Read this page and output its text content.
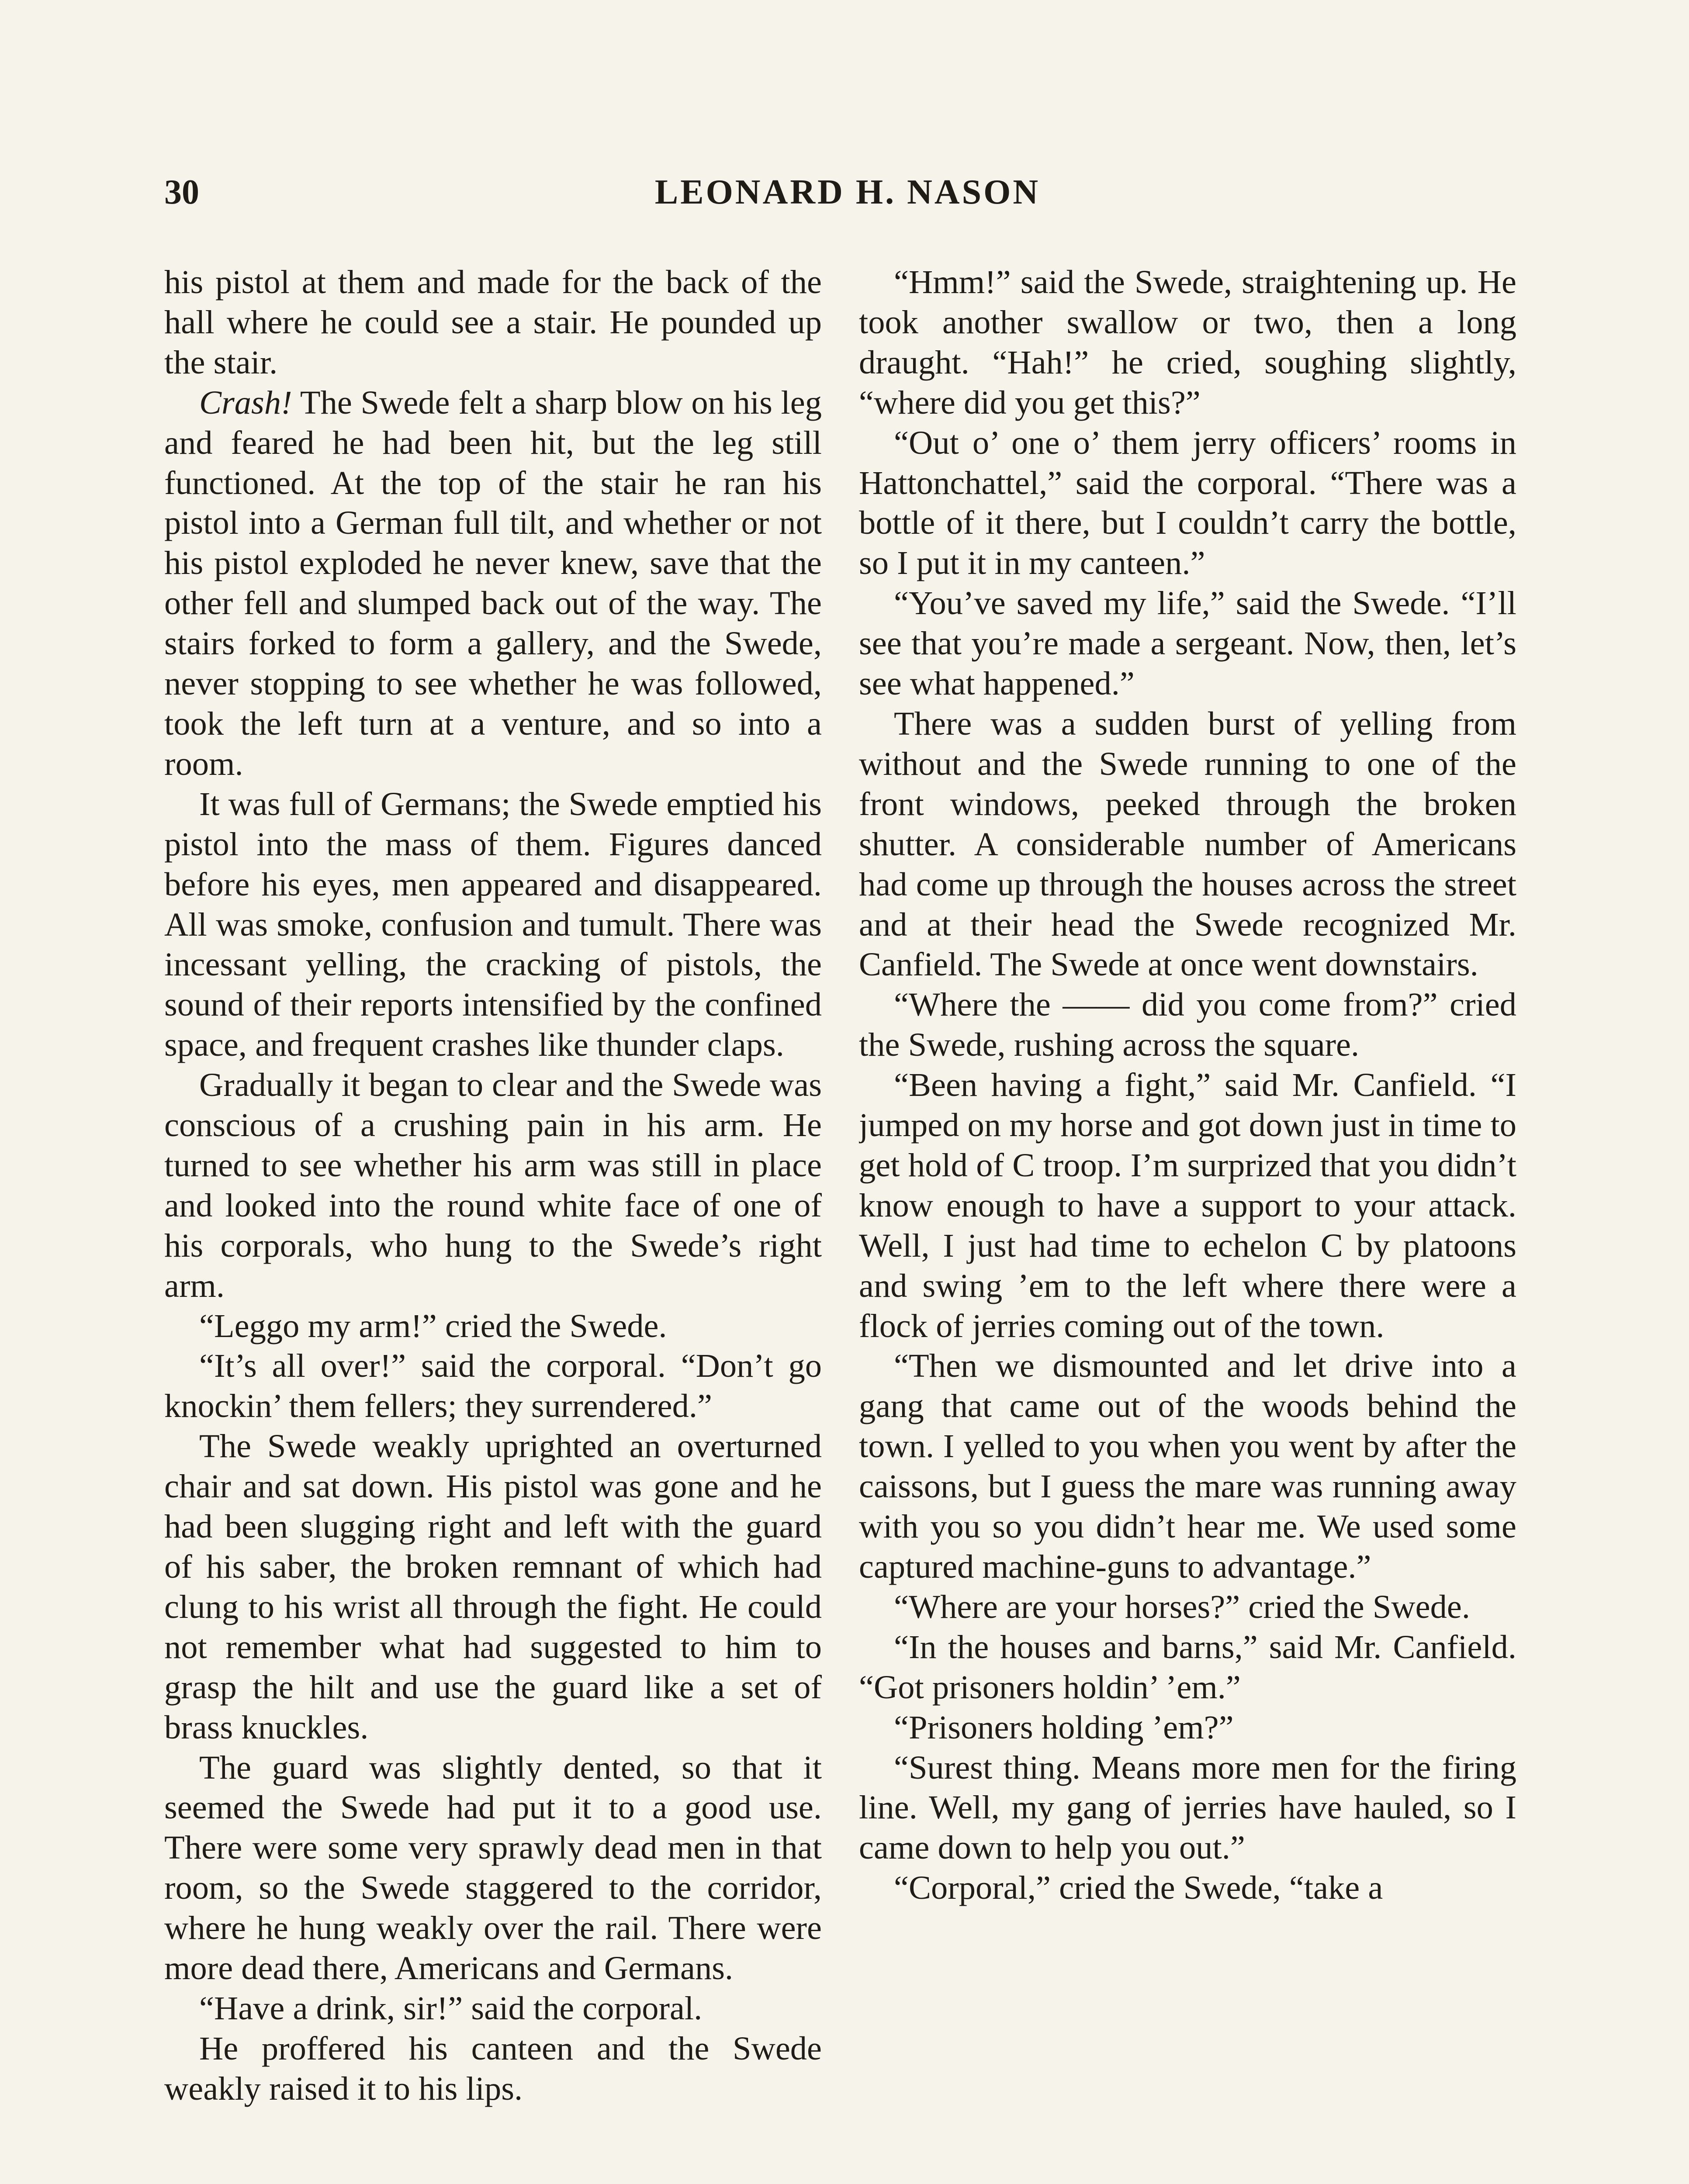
30	LEONARD H. NASON

his pistol at them and made for the back of the hall where he could see a stair. He pounded up the stair.

Crash! The Swede felt a sharp blow on his leg and feared he had been hit, but the leg still functioned. At the top of the stair he ran his pistol into a German full tilt, and whether or not his pistol exploded he never knew, save that the other fell and slumped back out of the way. The stairs forked to form a gallery, and the Swede, never stopping to see whether he was followed, took the left turn at a venture, and so into a room.

It was full of Germans; the Swede emptied his pistol into the mass of them. Figures danced before his eyes, men appeared and disappeared. All was smoke, confusion and tumult. There was incessant yelling, the cracking of pistols, the sound of their reports intensified by the confined space, and frequent crashes like thunder claps.

Gradually it began to clear and the Swede was conscious of a crushing pain in his arm. He turned to see whether his arm was still in place and looked into the round white face of one of his corporals, who hung to the Swede’s right arm.

“Leggo my arm!” cried the Swede.

“It’s all over!” said the corporal. “Don’t go knockin’ them fellers; they surrendered.”

The Swede weakly uprighted an overturned chair and sat down. His pistol was gone and he had been slugging right and left with the guard of his saber, the broken remnant of which had clung to his wrist all through the fight. He could not remember what had suggested to him to grasp the hilt and use the guard like a set of brass knuckles.

The guard was slightly dented, so that it seemed the Swede had put it to a good use. There were some very sprawly dead men in that room, so the Swede staggered to the corridor, where he hung weakly over the rail. There were more dead there, Americans and Germans.

“Have a drink, sir!” said the corporal.

He proffered his canteen and the Swede weakly raised it to his lips.

“Hmm!” said the Swede, straightening up. He took another swallow or two, then a long draught. “Hah!” he cried, soughing slightly, “where did you get this?”

“Out o’ one o’ them jerry officers’ rooms in Hattonchattel,” said the corporal. “There was a bottle of it there, but I couldn’t carry the bottle, so I put it in my canteen.”

“You’ve saved my life,” said the Swede. “I’ll see that you’re made a sergeant. Now, then, let’s see what happened.”

There was a sudden burst of yelling from without and the Swede running to one of the front windows, peeked through the broken shutter. A considerable number of Americans had come up through the houses across the street and at their head the Swede recognized Mr. Canfield. The Swede at once went downstairs.

“Where the —— did you come from?” cried the Swede, rushing across the square.

“Been having a fight,” said Mr. Canfield. “I jumped on my horse and got down just in time to get hold of C troop. I’m surprized that you didn’t know enough to have a support to your attack. Well, I just had time to echelon C by platoons and swing ’em to the left where there were a flock of jerries coming out of the town.

“Then we dismounted and let drive into a gang that came out of the woods behind the town. I yelled to you when you went by after the caissons, but I guess the mare was running away with you so you didn’t hear me. We used some captured machine-guns to advantage.”

“Where are your horses?” cried the Swede.

“In the houses and barns,” said Mr. Canfield. “Got prisoners holdin’ ’em.”

“Prisoners holding ’em?”

“Surest thing. Means more men for the firing line. Well, my gang of jerries have hauled, so I came down to help you out.”

“Corporal,” cried the Swede, “take a
